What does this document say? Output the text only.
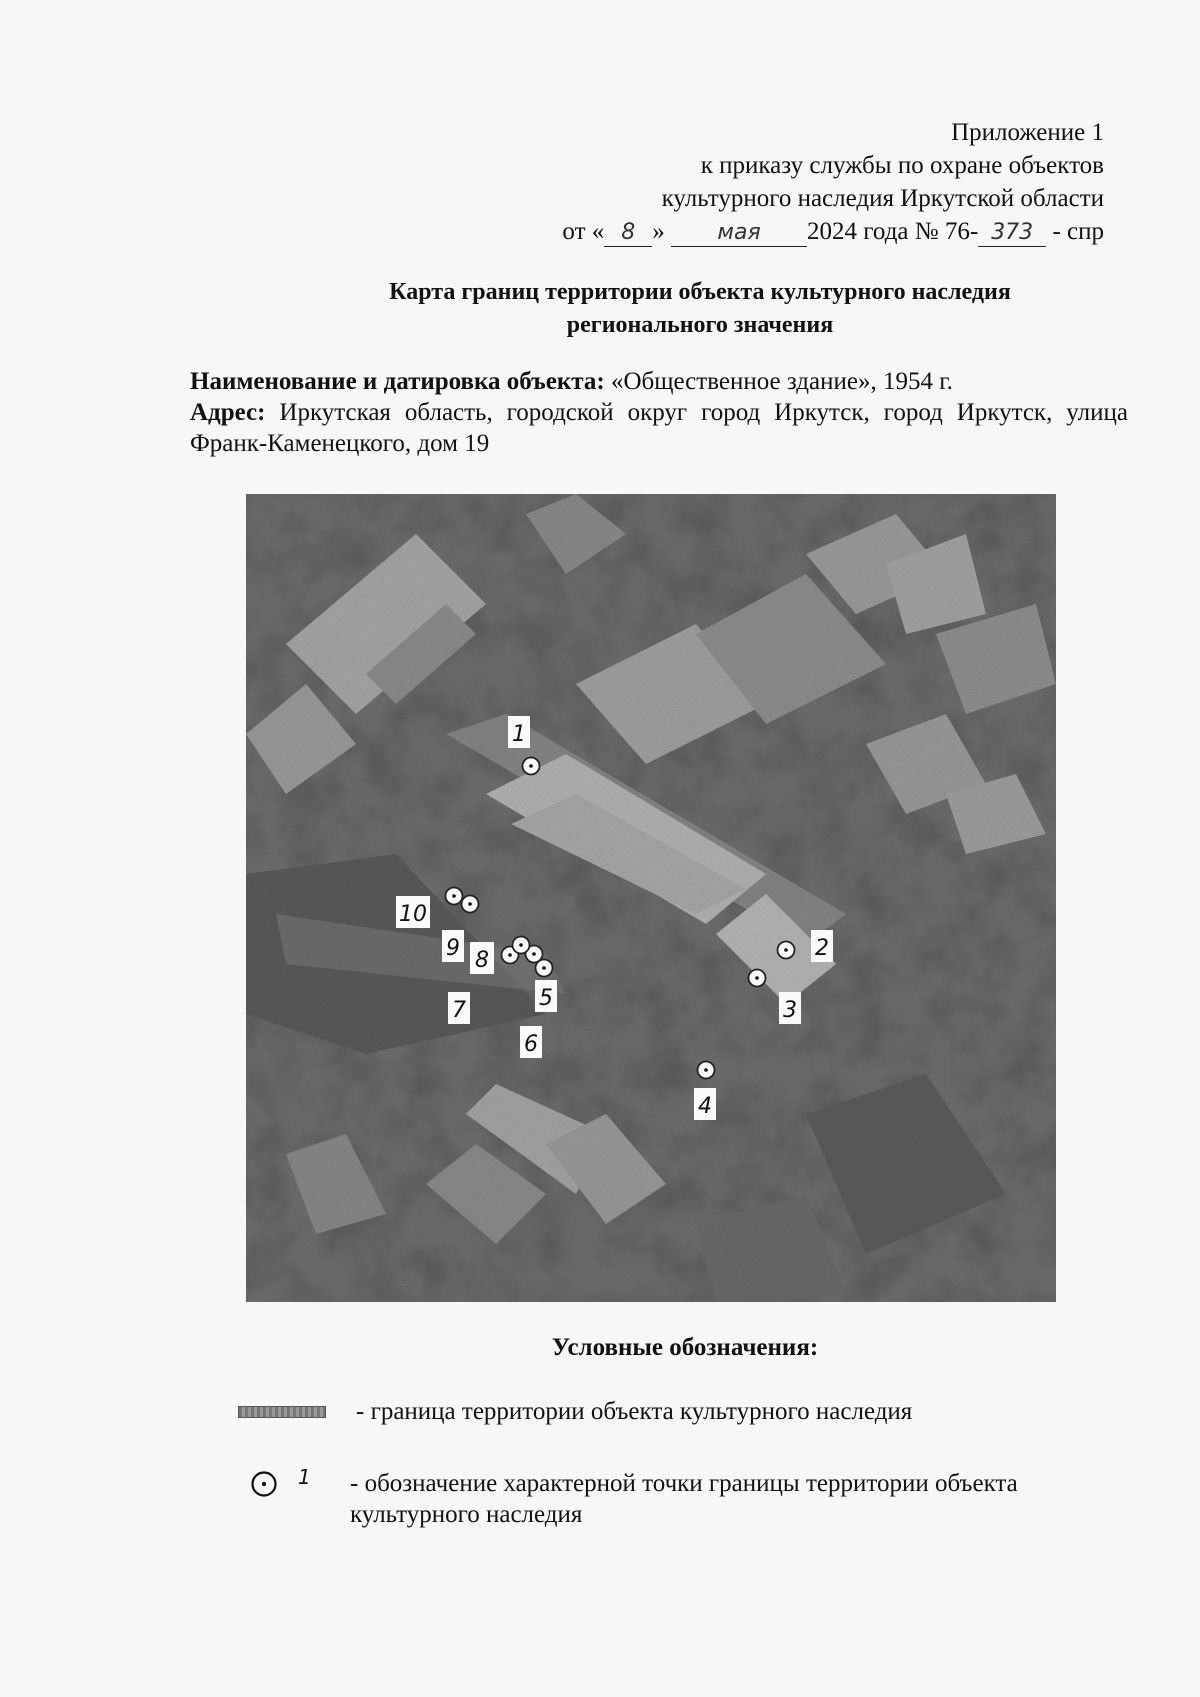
Приложение 1
к приказу службы по охране объектов
культурного наследия Иркутской области
от « 8 » мая 2024 года № 76- 373 - спр
Карта границ территории объекта культурного наследия
регионального значения
Наименование и датировка объекта: «Общественное здание», 1954 г.
Адрес: Иркутская область, городской округ город Иркутск, город Иркутск, улица Франк-Каменецкого, дом 19
1
2
3
4
5
6
7
8
9
10
Условные обозначения:
- граница территории объекта культурного наследия
1 - обозначение характерной точки границы территории объекта культурного наследия
